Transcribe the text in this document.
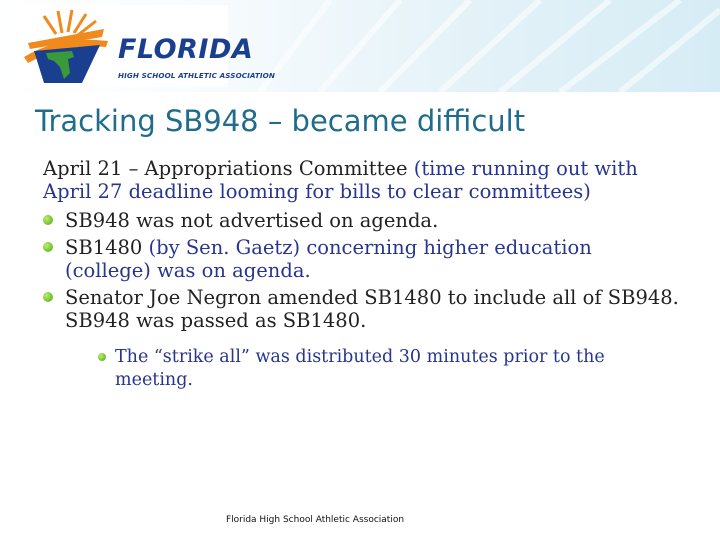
FLORIDA
HIGH SCHOOL ATHLETIC ASSOCIATION
Tracking SB948 – became difficult
April 21 – Appropriations Committee (time running out with April 27 deadline looming for bills to clear committees)
SB948 was not advertised on agenda.
SB1480 (by Sen. Gaetz) concerning higher education (college) was on agenda.
Senator Joe Negron amended SB1480 to include all of SB948. SB948 was passed as SB1480.
The “strike all” was distributed 30 minutes prior to the meeting.
Florida High School Athletic Association
